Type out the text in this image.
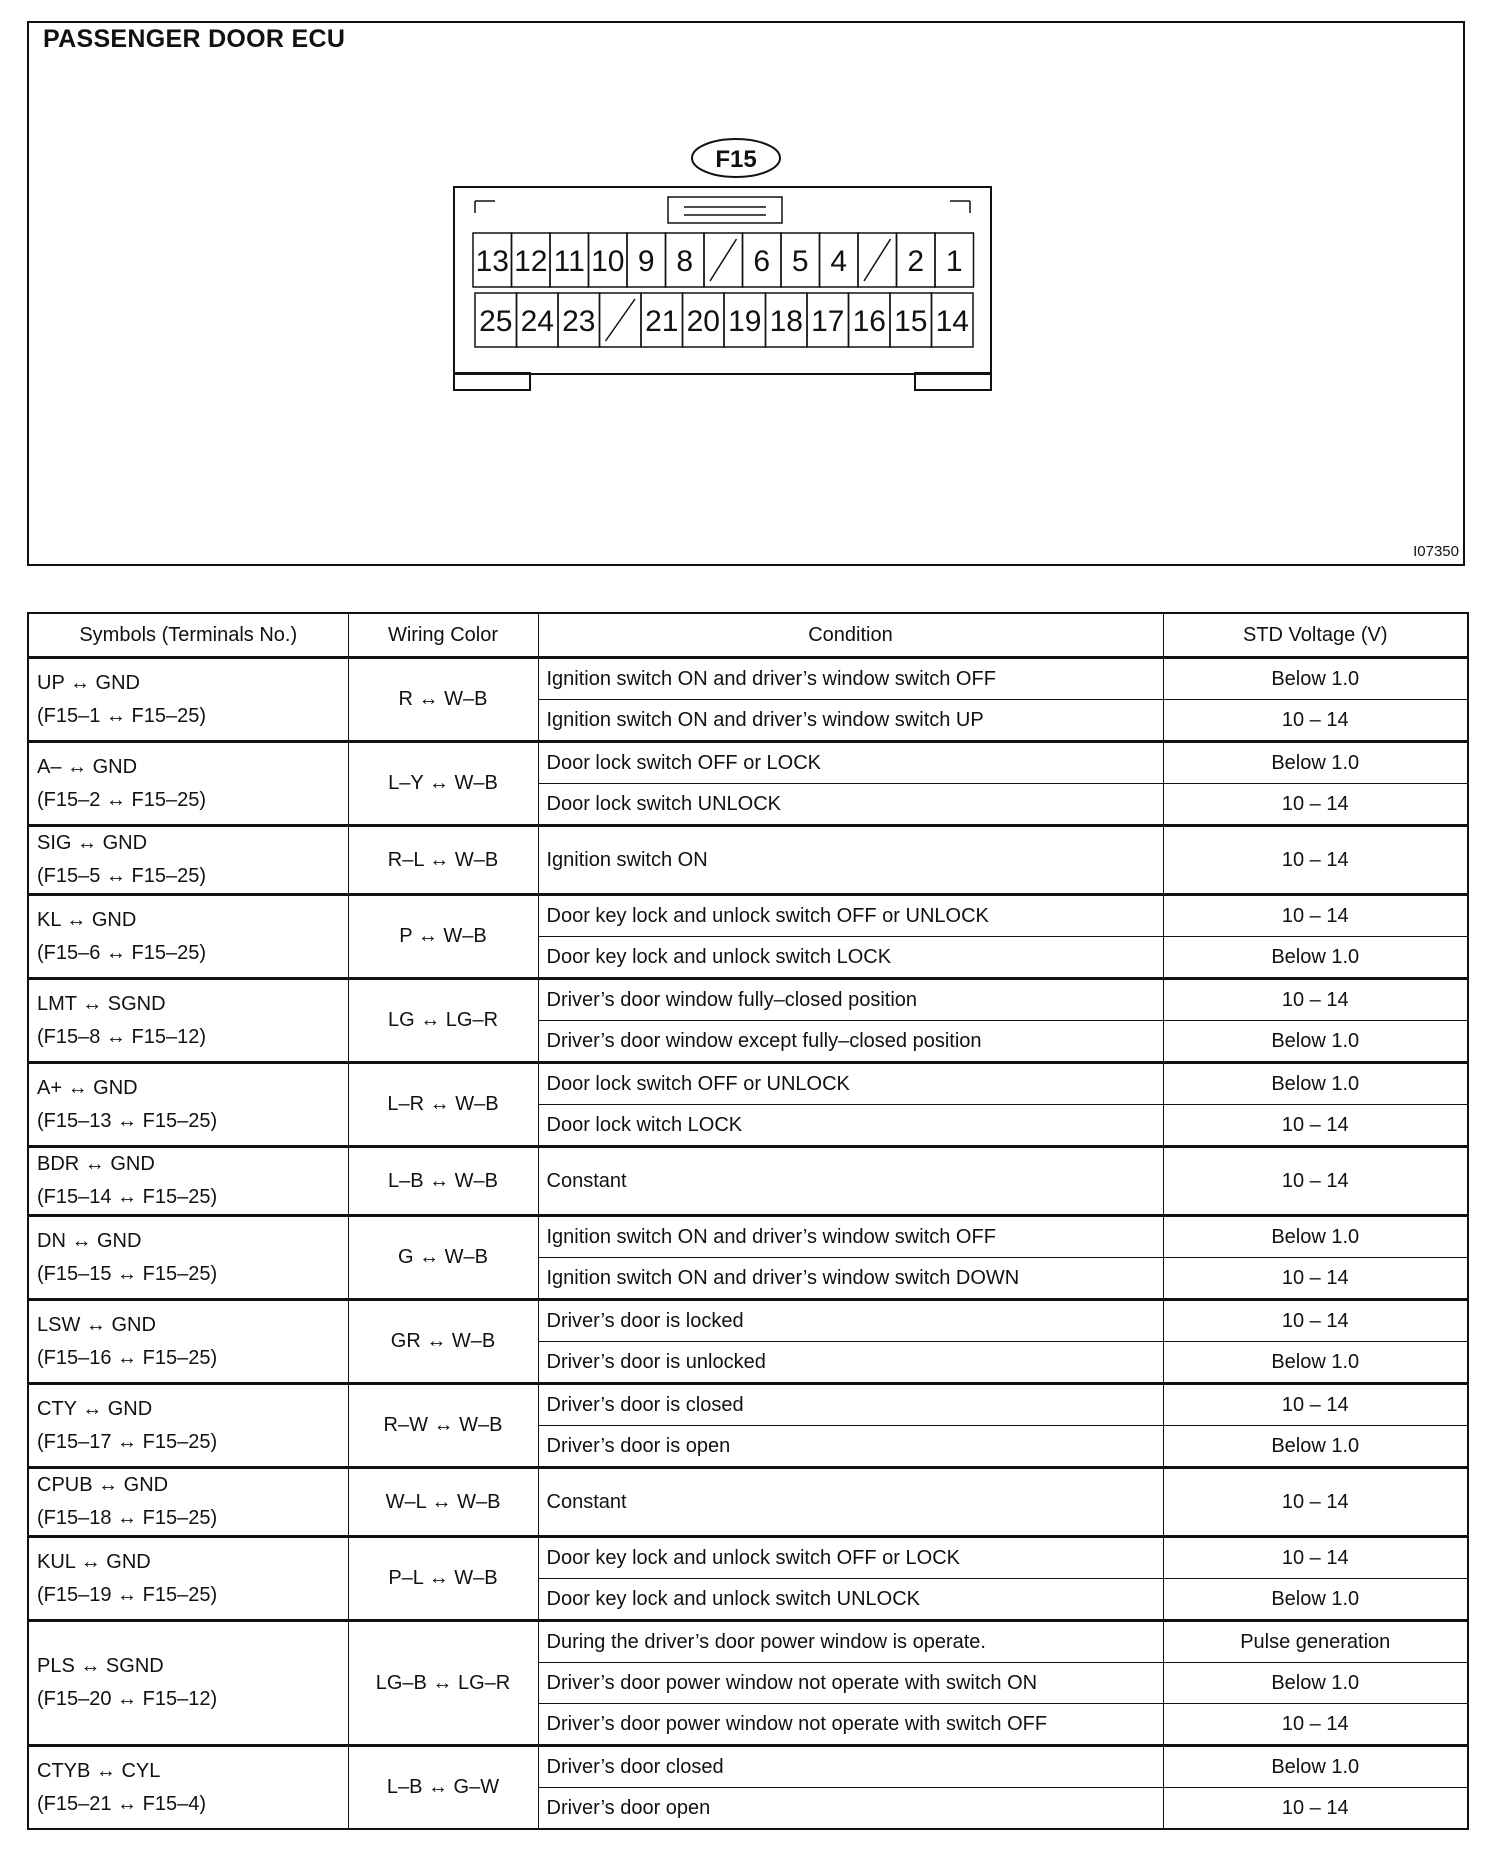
PASSENGER DOOR ECU
I07350
F15
13 12 11 10 9 8 6 5 4 2 1
25 24 23 21 20 19 18 17 16 15 14
Symbols (Terminals No.)	Wiring Color	Condition	STD Voltage (V)

UP ↔ GND
(F15–1 ↔ F15–25)	R ↔ W–B	Ignition switch ON and driver’s window switch OFF	Below 1.0
		Ignition switch ON and driver’s window switch UP	10 – 14

A– ↔ GND
(F15–2 ↔ F15–25)	L–Y ↔ W–B	Door lock switch OFF or LOCK	Below 1.0
		Door lock switch UNLOCK	10 – 14

SIG ↔ GND
(F15–5 ↔ F15–25)	R–L ↔ W–B	Ignition switch ON	10 – 14

KL ↔ GND
(F15–6 ↔ F15–25)	P ↔ W–B	Door key lock and unlock switch OFF or UNLOCK	10 – 14
		Door key lock and unlock switch LOCK	Below 1.0

LMT ↔ SGND
(F15–8 ↔ F15–12)	LG ↔ LG–R	Driver’s door window fully–closed position	10 – 14
		Driver’s door window except fully–closed position	Below 1.0

A+ ↔ GND
(F15–13 ↔ F15–25)	L–R ↔ W–B	Door lock switch OFF or UNLOCK	Below 1.0
		Door lock witch LOCK	10 – 14

BDR ↔ GND
(F15–14 ↔ F15–25)	L–B ↔ W–B	Constant	10 – 14

DN ↔ GND
(F15–15 ↔ F15–25)	G ↔ W–B	Ignition switch ON and driver’s window switch OFF	Below 1.0
		Ignition switch ON and driver’s window switch DOWN	10 – 14

LSW ↔ GND
(F15–16 ↔ F15–25)	GR ↔ W–B	Driver’s door is locked	10 – 14
		Driver’s door is unlocked	Below 1.0

CTY ↔ GND
(F15–17 ↔ F15–25)	R–W ↔ W–B	Driver’s door is closed	10 – 14
		Driver’s door is open	Below 1.0

CPUB ↔ GND
(F15–18 ↔ F15–25)	W–L ↔ W–B	Constant	10 – 14

KUL ↔ GND
(F15–19 ↔ F15–25)	P–L ↔ W–B	Door key lock and unlock switch OFF or LOCK	10 – 14
		Door key lock and unlock switch UNLOCK	Below 1.0

PLS ↔ SGND
(F15–20 ↔ F15–12)	LG–B ↔ LG–R	During the driver’s door power window is operate.	Pulse generation
		Driver’s door power window not operate with switch ON	Below 1.0
		Driver’s door power window not operate with switch OFF	10 – 14

CTYB ↔ CYL
(F15–21 ↔ F15–4)	L–B ↔ G–W	Driver’s door closed	Below 1.0
		Driver’s door open	10 – 14
